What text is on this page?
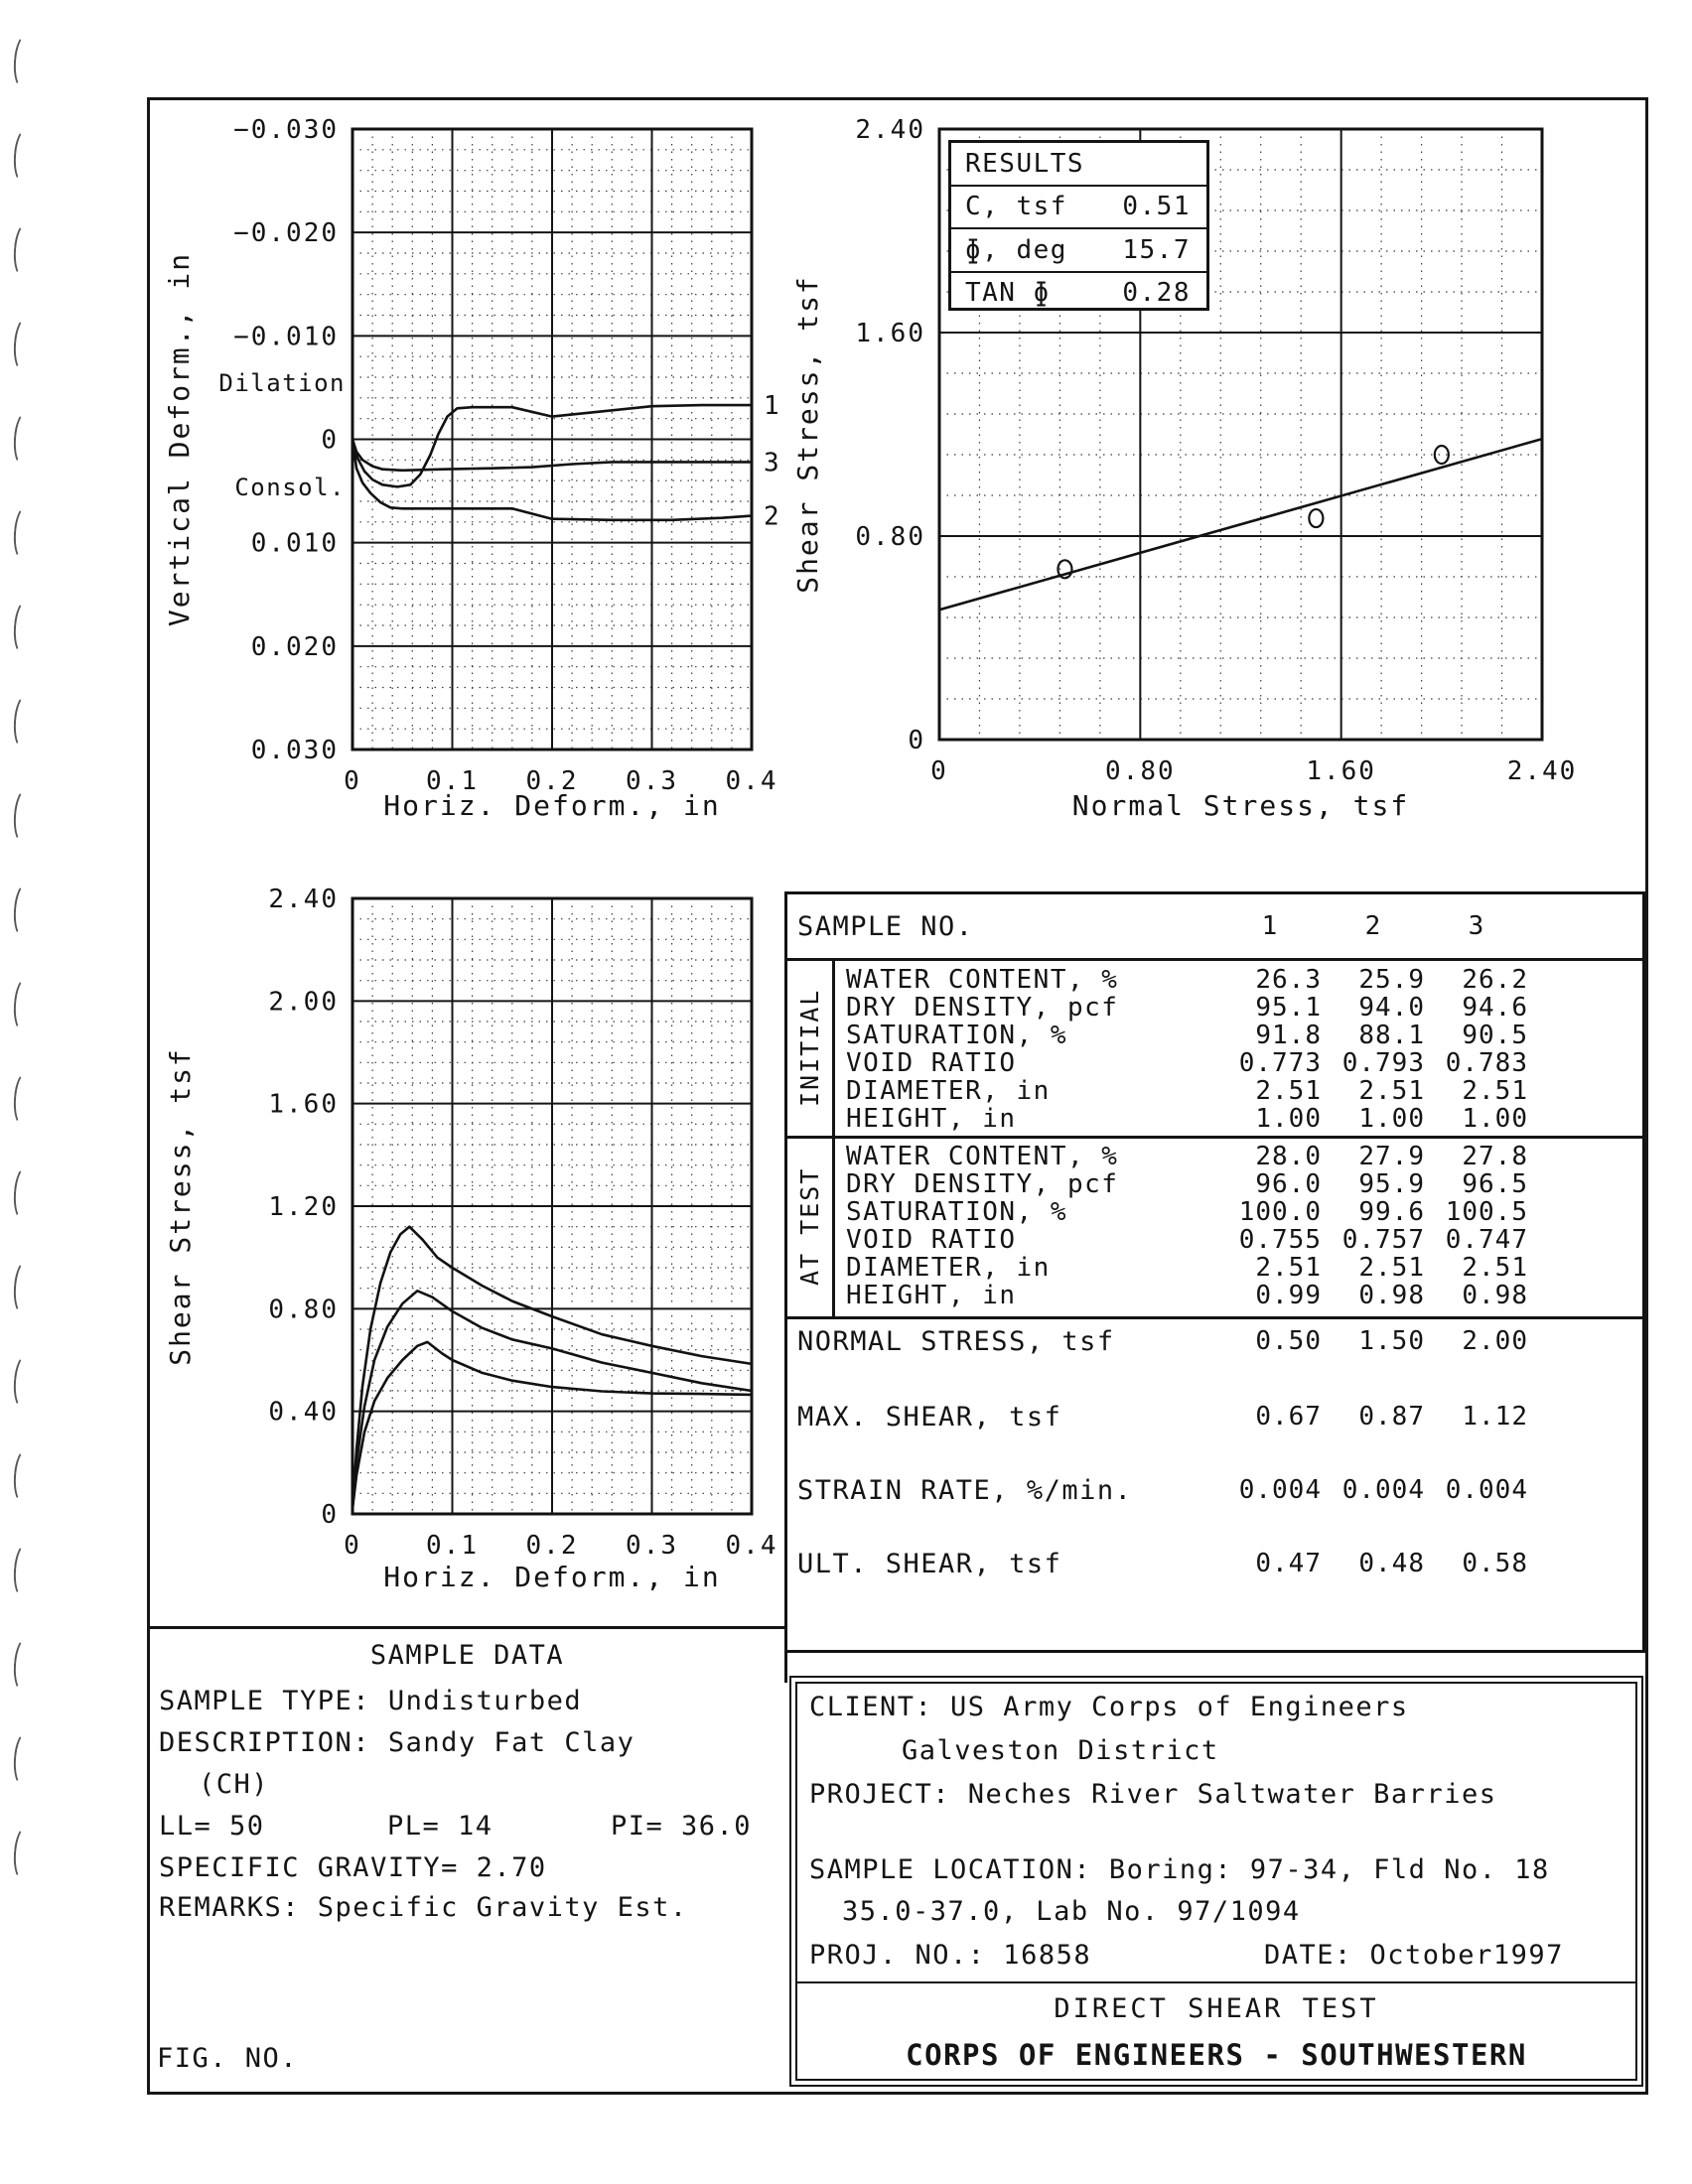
1
2
3
0	0.1 0.2 0.3 0.4
−0.030
−0.020
−0.010
0
0.010
0.020
0.030
Vertical Deform., in
Horiz. Deform., in
Dilation
Consol.
0	0.80	1.60	2.40
0
0.80
1.60
2.40
Shear Stress, tsf
Normal Stress, tsf
RESULTS
C, tsf 0.51
ɸ, deg 15.7
TAN ɸ	0.28
0	0.1 0.2 0.3 0.4
0
0.40
0.80
1.20
1.60
2.00
2.40
Shear Stress, tsf
Horiz. Deform., in
SAMPLE NO.	1	2	3
INITIAL
AT TEST
WATER CONTENT, %	26.3	25.9	26.2
DRY DENSITY, pcf	95.1	94.0	94.6
SATURATION, %	91.8	88.1	90.5
VOID RATIO	0.773 0.793 0.783
DIAMETER, in	2.51	2.51	2.51
HEIGHT, in	1.00	1.00	1.00
WATER CONTENT, %	28.0	27.9	27.8
DRY DENSITY, pcf	96.0	95.9	96.5
SATURATION, %	100.0	99.6 100.5
VOID RATIO	0.755 0.757 0.747
DIAMETER, in	2.51	2.51	2.51
HEIGHT, in	0.99	0.98	0.98
NORMAL STRESS, tsf	0.50	1.50	2.00
MAX. SHEAR, tsf	0.67	0.87	1.12
STRAIN RATE, %/min.	0.004 0.004 0.004
ULT. SHEAR, tsf	0.47	0.48	0.58
SAMPLE DATA
SAMPLE TYPE: Undisturbed
DESCRIPTION: Sandy Fat Clay
(CH)
LL= 50	PL= 14	PI= 36.0
SPECIFIC GRAVITY= 2.70
REMARKS: Specific Gravity Est.
FIG. NO.
CLIENT: US Army Corps of Engineers
Galveston District
PROJECT: Neches River Saltwater Barries
SAMPLE LOCATION: Boring: 97-34, Fld No. 18
35.0-37.0, Lab No. 97/1094
PROJ. NO.: 16858	DATE: October1997
DIRECT SHEAR TEST
CORPS OF ENGINEERS - SOUTHWESTERN
